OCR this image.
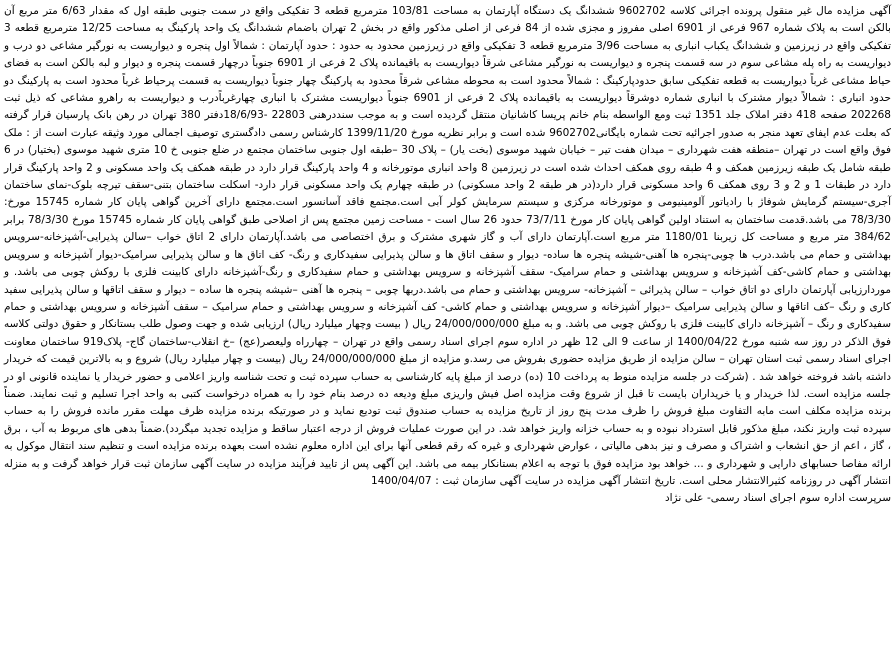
آگهی مزایده مال غیر منقول پرونده اجرائی کلاسه 9602702 ششدانگ یک دستگاه آپارتمان به مساحت 103/81 مترمربع قطعه 3 تفکیکی واقع در سمت جنوبی طبقه اول که مقدار 6/63 متر مربع آن بالکن است به پلاک شماره 967 فرعی از 6901 اصلی مفروز و مجزی شده از 84 فرعی از اصلی مذکور واقع در بخش 2 تهران باضمام ششدانگ یک واحد پارکینگ به مساحت 12/25 مترمربع قطعه 3 تفکیکی واقع در زیرزمین و ششدانگ یکباب انباری به مساحت 3/96 مترمربع قطعه 3 تفکیکی واقع در زیرزمین محدود به حدود : حدود آپارتمان : شمالاً اول پنجره و دیواریست به نورگیر مشاعی دو درب و دیواریست به راه پله مشاعی سوم در سه قسمت پنجره و دیواریست به نورگیر مشاعی شرقاً دیواریست به باقیمانده پلاک 2 فرعی از 6901 جنوباً درچهار قسمت پنجره و دیوار و لبه بالکن است به فضای حیاط مشاعی غرباً دیواریست به قطعه تفکیکی سابق حدودپارکینگ : شمالاً محدود است به محوطه مشاعی شرقاً محدود به پارکینگ چهار جنوباً دیواریست به قسمت پرحیاط غرباً محدود است به پارکینگ دو حدود انباری : شمالاً دیوار مشترک با انباری شماره دوشرقاً دیواریست به باقیمانده پلاک 2 فرعی از 6901 جنوباً دیواریست مشترک با انباری چهارغرباًدرب و دیواریست به راهرو مشاعی که ذیل ثبت 202268 صفحه 418 دفتر املاک جلد 1351 ثبت ومع الواسطه بنام خانم پریسا کاشانیان منتقل گردیده است و به موجب سنددرهنی 22803 -18/6/93دفتر 380 تهران در رهن بانک پارسیان قرار گرفته که بعلت عدم ایفای تعهد منجر به صدور اجرائیه تحت شماره بایگانی9602702 شده است و برابر نظریه مورخ 1399/11/20 کارشناس رسمی دادگستری توصیف اجمالی مورد وثیقه عبارت است از : ملک فوق واقع است در تهران –منطقه هفت شهرداری – میدان هفت تیر – خیابان شهید موسوی (بخت یار) – پلاک 30 –طبقه اول جنوبی ساختمان مجتمع در ضلع جنوبی خ 10 متری شهید موسوی (بختیار) در 6 طبقه شامل یک طبقه زیرزمین همکف و 4 طبقه روی همکف احداث شده است در زیرزمین 8 واحد انباری موتورخانه و 4 واحد پارکینگ قرار دارد در طبقه همکف یک واحد مسکونی و 2 واحد پارکینگ قرار دارد در طبقات 1 و 2 و 3 روی همکف 6 واحد مسکونی قرار دارد(در هر طبقه 2 واحد مسکونی) در طبقه چهارم یک واحد مسکونی قرار دارد- اسکلت ساختمان بتنی-سقف تیرچه بلوک-نمای ساختمان آجری-سیستم گرمایش شوفاژ با رادیاتور آلومینیومی و موتورخانه مرکزی و سیستم سرمایش کولر آبی است.مجتمع فاقد آسانسور است.مجتمع دارای آخرین گواهی پایان کار شماره 15745 مورخ: 78/3/30 می باشد.قدمت ساختمان به استناد اولین گواهی پایان کار مورخ 73/7/11 حدود 26 سال است - مساحت زمین مجتمع پس از اصلاحی طبق گواهی پایان کار شماره 15745 مورخ 78/3/30 برابر 384/62 متر مربع و مساحت کل زیربنا 1180/01 متر مربع است.آپارتمان دارای آب و گاز شهری مشترک و برق اختصاصی می باشد.آپارتمان دارای 2 اتاق خواب –سالن پذیرایی-آشپزخانه-سرویس بهداشتی و حمام می باشد.درب ها چوبی-پنجره ها آهنی-شیشه پنجره ها ساده- دیوار و سقف اتاق ها و سالن پذیرایی سفیدکاری و رنگ- کف اتاق ها و سالن پذیرایی سرامیک-دیوار آشپزخانه و سرویس بهداشتی و حمام کاشی-کف آشپزخانه و سرویس بهداشتی و حمام سرامیک- سقف آشپزخانه و سرویس بهداشتی و حمام سفیدکاری و رنگ-آشپزخانه دارای کابینت فلزی با روکش چوبی می باشد. و موردارزیابی آپارتمان دارای دو اتاق خواب – سالن پذیرائی – آشپزخانه- سرویس بهداشتی و حمام می باشد.دربها چوبی – پنجره ها آهنی –شیشه پنجره ها ساده – دیوار و سقف اتاقها و سالن پذیرایی سفید کاری و رنگ –کف اتاقها و سالن پذیرایی سرامیک –دیوار آشپزخانه و سرویس بهداشتی و حمام کاشی- کف آشپزخانه و سرویس بهداشتی و حمام سرامیک – سقف آشپزخانه و سرویس بهداشتی و حمام سفیدکاری و رنگ – آشپزخانه دارای کابینت فلزی با روکش چوبی می باشد. و به مبلغ 24/000/000/000 ریال ( بیست وچهار میلیارد ریال) ارزیابی شده و جهت وصول طلب بستانکار و حقوق دولتی کلاسه فوق الذکر در روز سه شنبه مورخ 1400/04/22 از ساعت 9 الی 12 ظهر در اداره سوم اجرای اسناد رسمی واقع در تهران – چهارراه ولیعصر(عج) –خ انقلاب-ساختمان گاج- پلاک919 ساختمان معاونت اجرای اسناد رسمی ثبت استان تهران – سالن مزایده از طریق مزایده حضوری بفروش می رسد.و مزایده از مبلغ 24/000/000/000 ریال (بیست و چهار میلیارد ریال) شروع و به بالاترین قیمت که خریدار داشته باشد فروخته خواهد شد . (شرکت در جلسه مزایده منوط به پرداخت 10 (ده) درصد از مبلغ پایه کارشناسی به حساب سپرده ثبت و تحت شناسه واریز اعلامی و حضور خریدار یا نماینده قانونی او در جلسه مزایده است. لذا خریدار و یا خریداران بایست تا قبل از شروع وقت مزایده اصل فیش واریزی مبلغ ودیعه ده درصد بنام خود را به همراه درخواست کتبی به واحد اجرا تسلیم و ثبت نمایند. ضمناً برنده مزایده مکلف است مابه التفاوت مبلغ فروش را ظرف مدت پنج روز از تاریخ مزایده به حساب صندوق ثبت تودیع نماید و در صورتیکه برنده مزایده ظرف مهلت مقرر مانده فروش را به حساب سپرده ثبت واریز نکند، مبلغ مذکور قابل استرداد نبوده و به حساب خزانه واریز خواهد شد. در این صورت عملیات فروش از درجه اعتبار ساقط و مزایده تجدید میگردد).ضمناً بدهی های مربوط به آب ، برق ، گاز ، اعم از حق انشعاب و اشتراک و مصرف و نیز بدهی مالیاتی ، عوارض شهرداری و غیره که رقم قطعی آنها برای این اداره معلوم نشده است بعهده برنده مزایده است و تنظیم سند انتقال موکول به ارائه مفاصا حسابهای دارایی و شهرداری و ... خواهد بود مزایده فوق با توجه به اعلام بستانکار بیمه می باشد. این آگهی پس از تایید فرآیند مزایده در سایت آگهی سازمان ثبت قرار خواهد گرفت و به منزله انتشار آگهی در روزنامه کثیرالانتشار محلی است. تاریخ انتشار آگهی مزایده در سایت آگهی سازمان ثبت : 1400/04/07
سرپرست اداره سوم اجرای اسناد رسمی- علی نژاد
